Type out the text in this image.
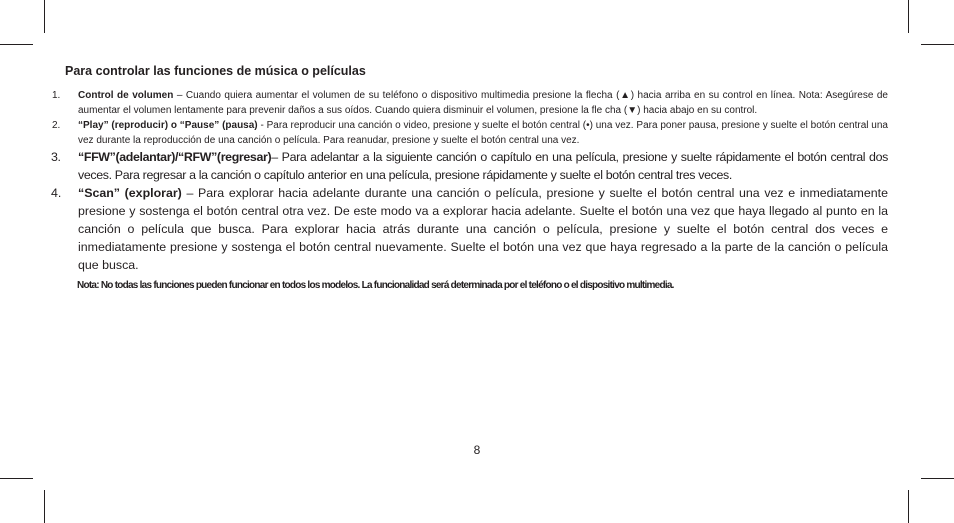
Para controlar las funciones de música o películas
1. Control de volumen – Cuando quiera aumentar el volumen de su teléfono o dispositivo multimedia presione la flecha (▲) hacia arriba en su control en línea. Nota: Asegúrese de aumentar el volumen lentamente para prevenir daños a sus oídos. Cuando quiera disminuir el volumen, presione la fle cha (▼) hacia abajo en su control.
2. “Play” (reproducir) o “Pause” (pausa) - Para reproducir una canción o video, presione y suelte el botón central (•) una vez. Para poner pausa, presione y suelte el botón central una vez durante la reproducción de una canción o película. Para reanudar, presione y suelte el botón central una vez.
3. “FFW”(adelantar)/“RFW”(regresar)– Para adelantar a la siguiente canción o capítulo en una película, presione y suelte rápidamente el botón central dos veces. Para regresar a la canción o capítulo anterior en una película, presione rápidamente y suelte el botón central tres veces.
4. “Scan” (explorar) – Para explorar hacia adelante durante una canción o película, presione y suelte el botón central una vez e inmediatamente presione y sostenga el botón central otra vez. De este modo va a explorar hacia adelante. Suelte el botón una vez que haya llegado al punto en la canción o película que busca. Para explorar hacia atrás durante una canción o película, presione y suelte el botón central dos veces e inmediatamente presione y sostenga el botón central nuevamente. Suelte el botón una vez que haya regresado a la parte de la canción o película que busca.
Nota: No todas las funciones pueden funcionar en todos los modelos. La funcionalidad será determinada por el teléfono o el dispositivo multimedia.
8
